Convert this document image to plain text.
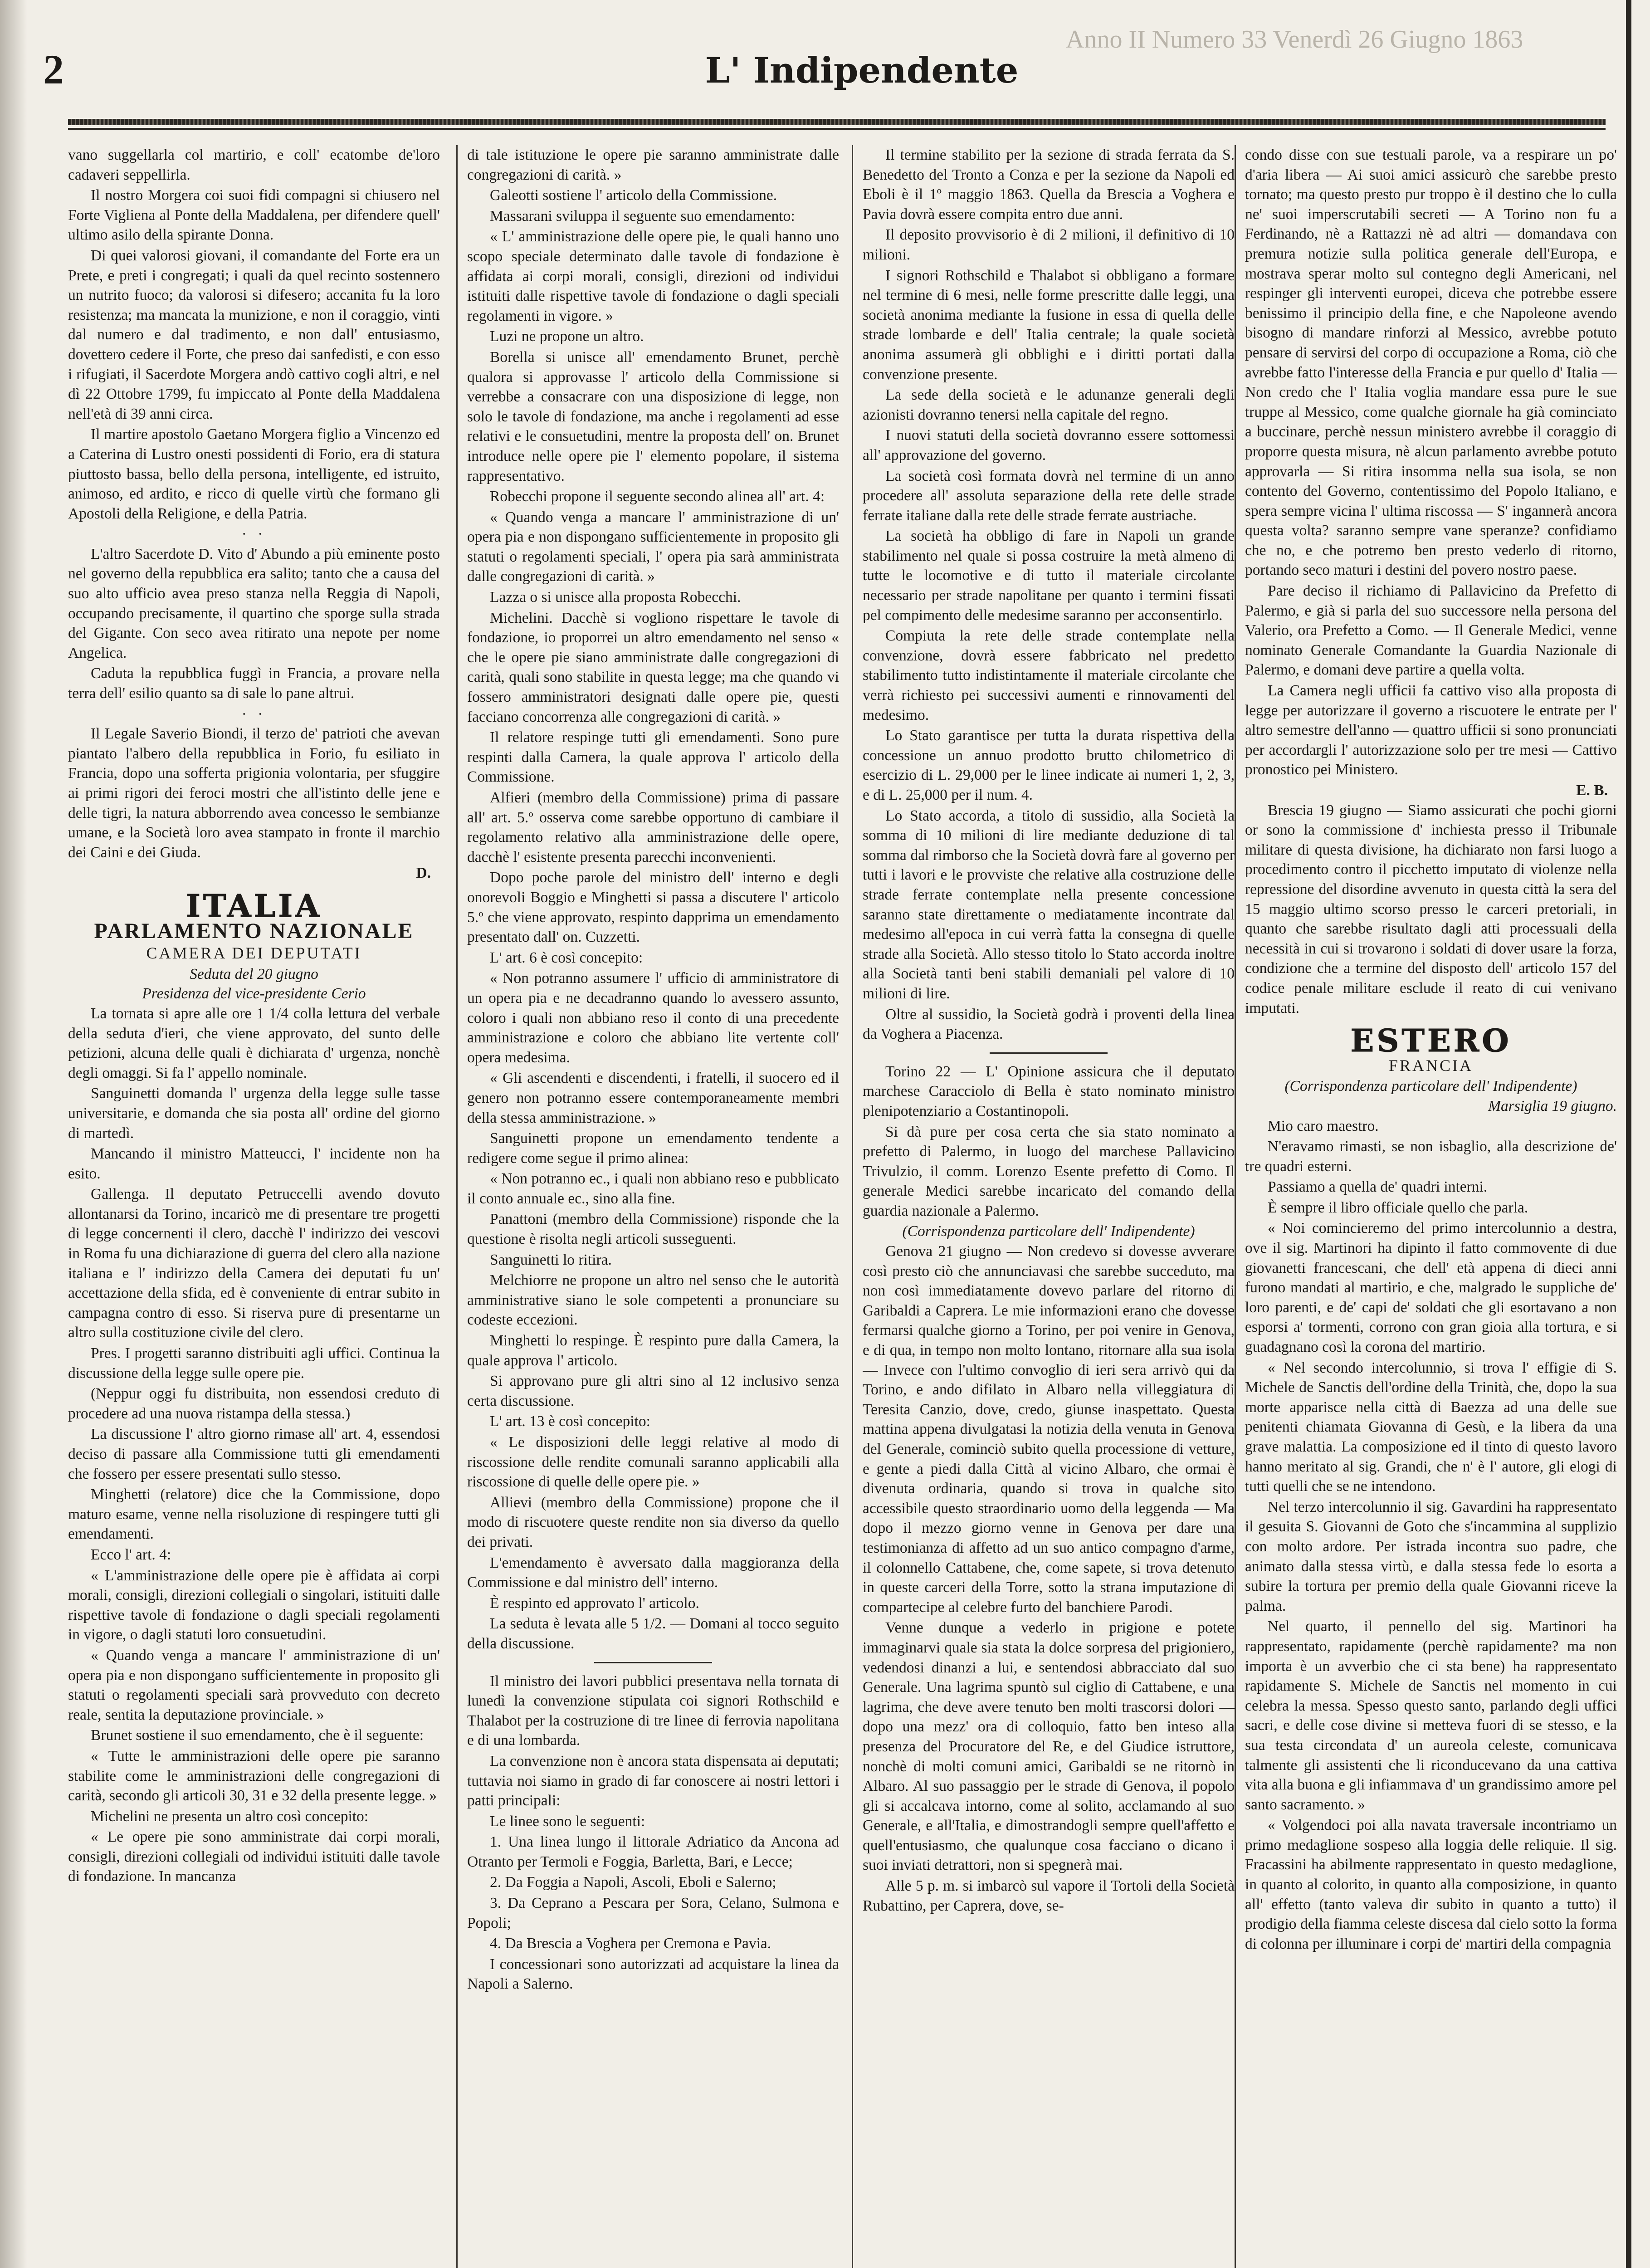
Anno II Numero 33 Venerdì 26 Giugno 1863
2	L' Indipendente

vano suggellarla col martirio, e coll' ecatombe de'loro cadaveri seppellirla.

Il nostro Morgera coi suoi fidi compagni si chiusero nel Forte Vigliena al Ponte della Maddalena, per difendere quell' ultimo asilo della spirante Donna.

Di quei valorosi giovani, il comandante del Forte era un Prete, e preti i congregati; i quali da quel recinto sostennero un nutrito fuoco; da valorosi si difesero; accanita fu la loro resistenza; ma mancata la munizione, e non il coraggio, vinti dal numero e dal tradimento, e non dall' entusiasmo, dovettero cedere il Forte, che preso dai sanfedisti, e con esso i rifugiati, il Sacerdote Morgera andò cattivo cogli altri, e nel dì 22 Ottobre 1799, fu impiccato al Ponte della Maddalena nell'età di 39 anni circa.

Il martire apostolo Gaetano Morgera figlio a Vincenzo ed a Caterina di Lustro onesti possidenti di Forio, era di statura piuttosto bassa, bello della persona, intelligente, ed istruito, animoso, ed ardito, e ricco di quelle virtù che formano gli Apostoli della Religione, e della Patria.

· ·

L'altro Sacerdote D. Vito d' Abundo a più eminente posto nel governo della repubblica era salito; tanto che a causa del suo alto ufficio avea preso stanza nella Reggia di Napoli, occupando precisamente, il quartino che sporge sulla strada del Gigante. Con seco avea ritirato una nepote per nome Angelica.

Caduta la repubblica fuggì in Francia, a provare nella terra dell' esilio quanto sa di sale lo pane altrui.

· ·

Il Legale Saverio Biondi, il terzo de' patrioti che avevan piantato l'albero della repubblica in Forio, fu esiliato in Francia, dopo una sofferta prigionia volontaria, per sfuggire ai primi rigori dei feroci mostri che all'istinto delle jene e delle tigri, la natura abborrendo avea concesso le sembianze umane, e la Società loro avea stampato in fronte il marchio dei Caini e dei Giuda.

D.
ITALIA
PARLAMENTO NAZIONALE
CAMERA DEI DEPUTATI
Seduta del 20 giugno
Presidenza del vice-presidente Cerio

La tornata si apre alle ore 1 1/4 colla lettura del verbale della seduta d'ieri, che viene approvato, del sunto delle petizioni, alcuna delle quali è dichiarata d' urgenza, nonchè degli omaggi. Si fa l' appello nominale.

Sanguinetti domanda l' urgenza della legge sulle tasse universitarie, e domanda che sia posta all' ordine del giorno di martedì.

Mancando il ministro Matteucci, l' incidente non ha esito.

Gallenga. Il deputato Petruccelli avendo dovuto allontanarsi da Torino, incaricò me di presentare tre progetti di legge concernenti il clero, dacchè l' indirizzo dei vescovi in Roma fu una dichiarazione di guerra del clero alla nazione italiana e l' indirizzo della Camera dei deputati fu un' accettazione della sfida, ed è conveniente di entrar subito in campagna contro di esso. Si riserva pure di presentarne un altro sulla costituzione civile del clero.

Pres. I progetti saranno distribuiti agli uffici. Continua la discussione della legge sulle opere pie.

(Neppur oggi fu distribuita, non essendosi creduto di procedere ad una nuova ristampa della stessa.)

La discussione l' altro giorno rimase all' art. 4, essendosi deciso di passare alla Commissione tutti gli emendamenti che fossero per essere presentati sullo stesso.

Minghetti (relatore) dice che la Commissione, dopo maturo esame, venne nella risoluzione di respingere tutti gli emendamenti.

Ecco l' art. 4:

« L'amministrazione delle opere pie è affidata ai corpi morali, consigli, direzioni collegiali o singolari, istituiti dalle rispettive tavole di fondazione o dagli speciali regolamenti in vigore, o dagli statuti loro consuetudini.

« Quando venga a mancare l' amministrazione di un' opera pia e non dispongano sufficientemente in proposito gli statuti o regolamenti speciali sarà provveduto con decreto reale, sentita la deputazione provinciale. »

Brunet sostiene il suo emendamento, che è il seguente:

« Tutte le amministrazioni delle opere pie saranno stabilite come le amministrazioni delle congregazioni di carità, secondo gli articoli 30, 31 e 32 della presente legge. »

Michelini ne presenta un altro così concepito:

« Le opere pie sono amministrate dai corpi morali, consigli, direzioni collegiali od individui istituiti dalle tavole di fondazione. In mancanza

di tale istituzione le opere pie saranno amministrate dalle congregazioni di carità. »

Galeotti sostiene l' articolo della Commissione.

Massarani sviluppa il seguente suo emendamento:

« L' amministrazione delle opere pie, le quali hanno uno scopo speciale determinato dalle tavole di fondazione è affidata ai corpi morali, consigli, direzioni od individui istituiti dalle rispettive tavole di fondazione o dagli speciali regolamenti in vigore. »

Luzi ne propone un altro.

Borella si unisce all' emendamento Brunet, perchè qualora si approvasse l' articolo della Commissione si verrebbe a consacrare con una disposizione di legge, non solo le tavole di fondazione, ma anche i regolamenti ad esse relativi e le consuetudini, mentre la proposta dell' on. Brunet introduce nelle opere pie l' elemento popolare, il sistema rappresentativo.

Robecchi propone il seguente secondo alinea all' art. 4:

« Quando venga a mancare l' amministrazione di un' opera pia e non dispongano sufficientemente in proposito gli statuti o regolamenti speciali, l' opera pia sarà amministrata dalle congregazioni di carità. »

Lazza o si unisce alla proposta Robecchi.

Michelini. Dacchè si vogliono rispettare le tavole di fondazione, io proporrei un altro emendamento nel senso « che le opere pie siano amministrate dalle congregazioni di carità, quali sono stabilite in questa legge; ma che quando vi fossero amministratori designati dalle opere pie, questi facciano concorrenza alle congregazioni di carità. »

Il relatore respinge tutti gli emendamenti. Sono pure respinti dalla Camera, la quale approva l' articolo della Commissione.

Alfieri (membro della Commissione) prima di passare all' art. 5.º osserva come sarebbe opportuno di cambiare il regolamento relativo alla amministrazione delle opere, dacchè l' esistente presenta parecchi inconvenienti.

Dopo poche parole del ministro dell' interno e degli onorevoli Boggio e Minghetti si passa a discutere l' articolo 5.º che viene approvato, respinto dapprima un emendamento presentato dall' on. Cuzzetti.

L' art. 6 è così concepito:

« Non potranno assumere l' ufficio di amministratore di un opera pia e ne decadranno quando lo avessero assunto, coloro i quali non abbiano reso il conto di una precedente amministrazione e coloro che abbiano lite vertente coll' opera medesima.

« Gli ascendenti e discendenti, i fratelli, il suocero ed il genero non potranno essere contemporaneamente membri della stessa amministrazione. »

Sanguinetti propone un emendamento tendente a redigere come segue il primo alinea:

« Non potranno ec., i quali non abbiano reso e pubblicato il conto annuale ec., sino alla fine.

Panattoni (membro della Commissione) risponde che la questione è risolta negli articoli susseguenti.

Sanguinetti lo ritira.

Melchiorre ne propone un altro nel senso che le autorità amministrative siano le sole competenti a pronunciare su codeste eccezioni.

Minghetti lo respinge. È respinto pure dalla Camera, la quale approva l' articolo.

Si approvano pure gli altri sino al 12 inclusivo senza certa discussione.

L' art. 13 è così concepito:

« Le disposizioni delle leggi relative al modo di riscossione delle rendite comunali saranno applicabili alla riscossione di quelle delle opere pie. »

Allievi (membro della Commissione) propone che il modo di riscuotere queste rendite non sia diverso da quello dei privati.

L'emendamento è avversato dalla maggioranza della Commissione e dal ministro dell' interno.

È respinto ed approvato l' articolo.

La seduta è levata alle 5 1/2. — Domani al tocco seguito della discussione.

Il ministro dei lavori pubblici presentava nella tornata di lunedì la convenzione stipulata coi signori Rothschild e Thalabot per la costruzione di tre linee di ferrovia napolitana e di una lombarda.

La convenzione non è ancora stata dispensata ai deputati; tuttavia noi siamo in grado di far conoscere ai nostri lettori i patti principali:

Le linee sono le seguenti:

1. Una linea lungo il littorale Adriatico da Ancona ad Otranto per Termoli e Foggia, Barletta, Bari, e Lecce;

2. Da Foggia a Napoli, Ascoli, Eboli e Salerno;

3. Da Ceprano a Pescara per Sora, Celano, Sulmona e Popoli;

4. Da Brescia a Voghera per Cremona e Pavia.

I concessionari sono autorizzati ad acquistare la linea da Napoli a Salerno.

Il termine stabilito per la sezione di strada ferrata da S. Benedetto del Tronto a Conza e per la sezione da Napoli ed Eboli è il 1º maggio 1863. Quella da Brescia a Voghera e Pavia dovrà essere compita entro due anni.

Il deposito provvisorio è di 2 milioni, il definitivo di 10 milioni.

I signori Rothschild e Thalabot si obbligano a formare nel termine di 6 mesi, nelle forme prescritte dalle leggi, una società anonima mediante la fusione in essa di quella delle strade lombarde e dell' Italia centrale; la quale società anonima assumerà gli obblighi e i diritti portati dalla convenzione presente.

La sede della società e le adunanze generali degli azionisti dovranno tenersi nella capitale del regno.

I nuovi statuti della società dovranno essere sottomessi all' approvazione del governo.

La società così formata dovrà nel termine di un anno procedere all' assoluta separazione della rete delle strade ferrate italiane dalla rete delle strade ferrate austriache.

La società ha obbligo di fare in Napoli un grande stabilimento nel quale si possa costruire la metà almeno di tutte le locomotive e di tutto il materiale circolante necessario per strade napolitane per quanto i termini fissati pel compimento delle medesime saranno per acconsentirlo.

Compiuta la rete delle strade contemplate nella convenzione, dovrà essere fabbricato nel predetto stabilimento tutto indistintamente il materiale circolante che verrà richiesto pei successivi aumenti e rinnovamenti del medesimo.

Lo Stato garantisce per tutta la durata rispettiva della concessione un annuo prodotto brutto chilometrico di esercizio di L. 29,000 per le linee indicate ai numeri 1, 2, 3, e di L. 25,000 per il num. 4.

Lo Stato accorda, a titolo di sussidio, alla Società la somma di 10 milioni di lire mediante deduzione di tal somma dal rimborso che la Società dovrà fare al governo per tutti i lavori e le provviste che relative alla costruzione delle strade ferrate contemplate nella presente concessione saranno state direttamente o mediatamente incontrate dal medesimo all'epoca in cui verrà fatta la consegna di quelle strade alla Società. Allo stesso titolo lo Stato accorda inoltre alla Società tanti beni stabili demaniali pel valore di 10 milioni di lire.

Oltre al sussidio, la Società godrà i proventi della linea da Voghera a Piacenza.

Torino 22 — L' Opinione assicura che il deputato marchese Caracciolo di Bella è stato nominato ministro plenipotenziario a Costantinopoli.

Si dà pure per cosa certa che sia stato nominato a prefetto di Palermo, in luogo del marchese Pallavicino Trivulzio, il comm. Lorenzo Esente prefetto di Como. Il generale Medici sarebbe incaricato del comando della guardia nazionale a Palermo.

(Corrispondenza particolare dell' Indipendente)

Genova 21 giugno — Non credevo si dovesse avverare così presto ciò che annunciavasi che sarebbe succeduto, ma non così immediatamente dovevo parlare del ritorno di Garibaldi a Caprera. Le mie informazioni erano che dovesse fermarsi qualche giorno a Torino, per poi venire in Genova, e di qua, in tempo non molto lontano, ritornare alla sua isola — Invece con l'ultimo convoglio di ieri sera arrivò qui da Torino, e ando difilato in Albaro nella villeggiatura di Teresita Canzio, dove, credo, giunse inaspettato. Questa mattina appena divulgatasi la notizia della venuta in Genova del Generale, cominciò subito quella processione di vetture, e gente a piedi dalla Città al vicino Albaro, che ormai è divenuta ordinaria, quando si trova in qualche sito accessibile questo straordinario uomo della leggenda — Ma dopo il mezzo giorno venne in Genova per dare una testimonianza di affetto ad un suo antico compagno d'arme, il colonnello Cattabene, che, come sapete, si trova detenuto in queste carceri della Torre, sotto la strana imputazione di compartecipe al celebre furto del banchiere Parodi.

Venne dunque a vederlo in prigione e potete immaginarvi quale sia stata la dolce sorpresa del prigioniero, vedendosi dinanzi a lui, e sentendosi abbracciato dal suo Generale. Una lagrima spuntò sul ciglio di Cattabene, e una lagrima, che deve avere tenuto ben molti trascorsi dolori — dopo una mezz' ora di colloquio, fatto ben inteso alla presenza del Procuratore del Re, e del Giudice istruttore, nonchè di molti comuni amici, Garibaldi se ne ritornò in Albaro. Al suo passaggio per le strade di Genova, il popolo gli si accalcava intorno, come al solito, acclamando al suo Generale, e all'Italia, e dimostrandogli sempre quell'affetto e quell'entusiasmo, che qualunque cosa facciano o dicano i suoi inviati detrattori, non si spegnerà mai.

Alle 5 p. m. si imbarcò sul vapore il Tortoli della Società Rubattino, per Caprera, dove, se-

condo disse con sue testuali parole, va a respirare un po' d'aria libera — Ai suoi amici assicurò che sarebbe presto tornato; ma questo presto pur troppo è il destino che lo culla ne' suoi imperscrutabili secreti — A Torino non fu a Ferdinando, nè a Rattazzi nè ad altri — domandava con premura notizie sulla politica generale dell'Europa, e mostrava sperar molto sul contegno degli Americani, nel respinger gli interventi europei, diceva che potrebbe essere benissimo il principio della fine, e che Napoleone avendo bisogno di mandare rinforzi al Messico, avrebbe potuto pensare di servirsi del corpo di occupazione a Roma, ciò che avrebbe fatto l'interesse della Francia e pur quello d' Italia — Non credo che l' Italia voglia mandare essa pure le sue truppe al Messico, come qualche giornale ha già cominciato a buccinare, perchè nessun ministero avrebbe il coraggio di proporre questa misura, nè alcun parlamento avrebbe potuto approvarla — Si ritira insomma nella sua isola, se non contento del Governo, contentissimo del Popolo Italiano, e spera sempre vicina l' ultima riscossa — S' ingannerà ancora questa volta? saranno sempre vane speranze? confidiamo che no, e che potremo ben presto vederlo di ritorno, portando seco maturi i destini del povero nostro paese.

Pare deciso il richiamo di Pallavicino da Prefetto di Palermo, e già si parla del suo successore nella persona del Valerio, ora Prefetto a Como. — Il Generale Medici, venne nominato Generale Comandante la Guardia Nazionale di Palermo, e domani deve partire a quella volta.

La Camera negli ufficii fa cattivo viso alla proposta di legge per autorizzare il governo a riscuotere le entrate per l' altro semestre dell'anno — quattro ufficii si sono pronunciati per accordargli l' autorizzazione solo per tre mesi — Cattivo pronostico pei Ministero.

E. B.

Brescia 19 giugno — Siamo assicurati che pochi giorni or sono la commissione d' inchiesta presso il Tribunale militare di questa divisione, ha dichiarato non farsi luogo a procedimento contro il picchetto imputato di violenze nella repressione del disordine avvenuto in questa città la sera del 15 maggio ultimo scorso presso le carceri pretoriali, in quanto che sarebbe risultato dagli atti processuali della necessità in cui si trovarono i soldati di dover usare la forza, condizione che a termine del disposto dell' articolo 157 del codice penale militare esclude il reato di cui venivano imputati.

ESTERO
FRANCIA
(Corrispondenza particolare dell' Indipendente)
Marsiglia 19 giugno.

Mio caro maestro.

N'eravamo rimasti, se non isbaglio, alla descrizione de' tre quadri esterni.

Passiamo a quella de' quadri interni.

È sempre il libro officiale quello che parla.

« Noi comincieremo del primo intercolunnio a destra, ove il sig. Martinori ha dipinto il fatto commovente di due giovanetti francescani, che dell' età appena di dieci anni furono mandati al martirio, e che, malgrado le suppliche de' loro parenti, e de' capi de' soldati che gli esortavano a non esporsi a' tormenti, corrono con gran gioia alla tortura, e si guadagnano così la corona del martirio.

« Nel secondo intercolunnio, si trova l' effigie di S. Michele de Sanctis dell'ordine della Trinità, che, dopo la sua morte apparisce nella città di Baezza ad una delle sue penitenti chiamata Giovanna di Gesù, e la libera da una grave malattia. La composizione ed il tinto di questo lavoro hanno meritato al sig. Grandi, che n' è l' autore, gli elogi di tutti quelli che se ne intendono.

Nel terzo intercolunnio il sig. Gavardini ha rappresentato il gesuita S. Giovanni de Goto che s'incammina al supplizio con molto ardore. Per istrada incontra suo padre, che animato dalla stessa virtù, e dalla stessa fede lo esorta a subire la tortura per premio della quale Giovanni riceve la palma.

Nel quarto, il pennello del sig. Martinori ha rappresentato, rapidamente (perchè rapidamente? ma non importa è un avverbio che ci sta bene) ha rappresentato rapidamente S. Michele de Sanctis nel momento in cui celebra la messa. Spesso questo santo, parlando degli uffici sacri, e delle cose divine si metteva fuori di se stesso, e la sua testa circondata d' un aureola celeste, comunicava talmente gli assistenti che li riconducevano da una cattiva vita alla buona e gli infiammava d' un grandissimo amore pel santo sacramento. »

« Volgendoci poi alla navata traversale incontriamo un primo medaglione sospeso alla loggia delle reliquie. Il sig. Fracassini ha abilmente rappresentato in questo medaglione, in quanto al colorito, in quanto alla composizione, in quanto all' effetto (tanto valeva dir subito in quanto a tutto) il prodigio della fiamma celeste discesa dal cielo sotto la forma di colonna per illuminare i corpi de' martiri della compagnia
